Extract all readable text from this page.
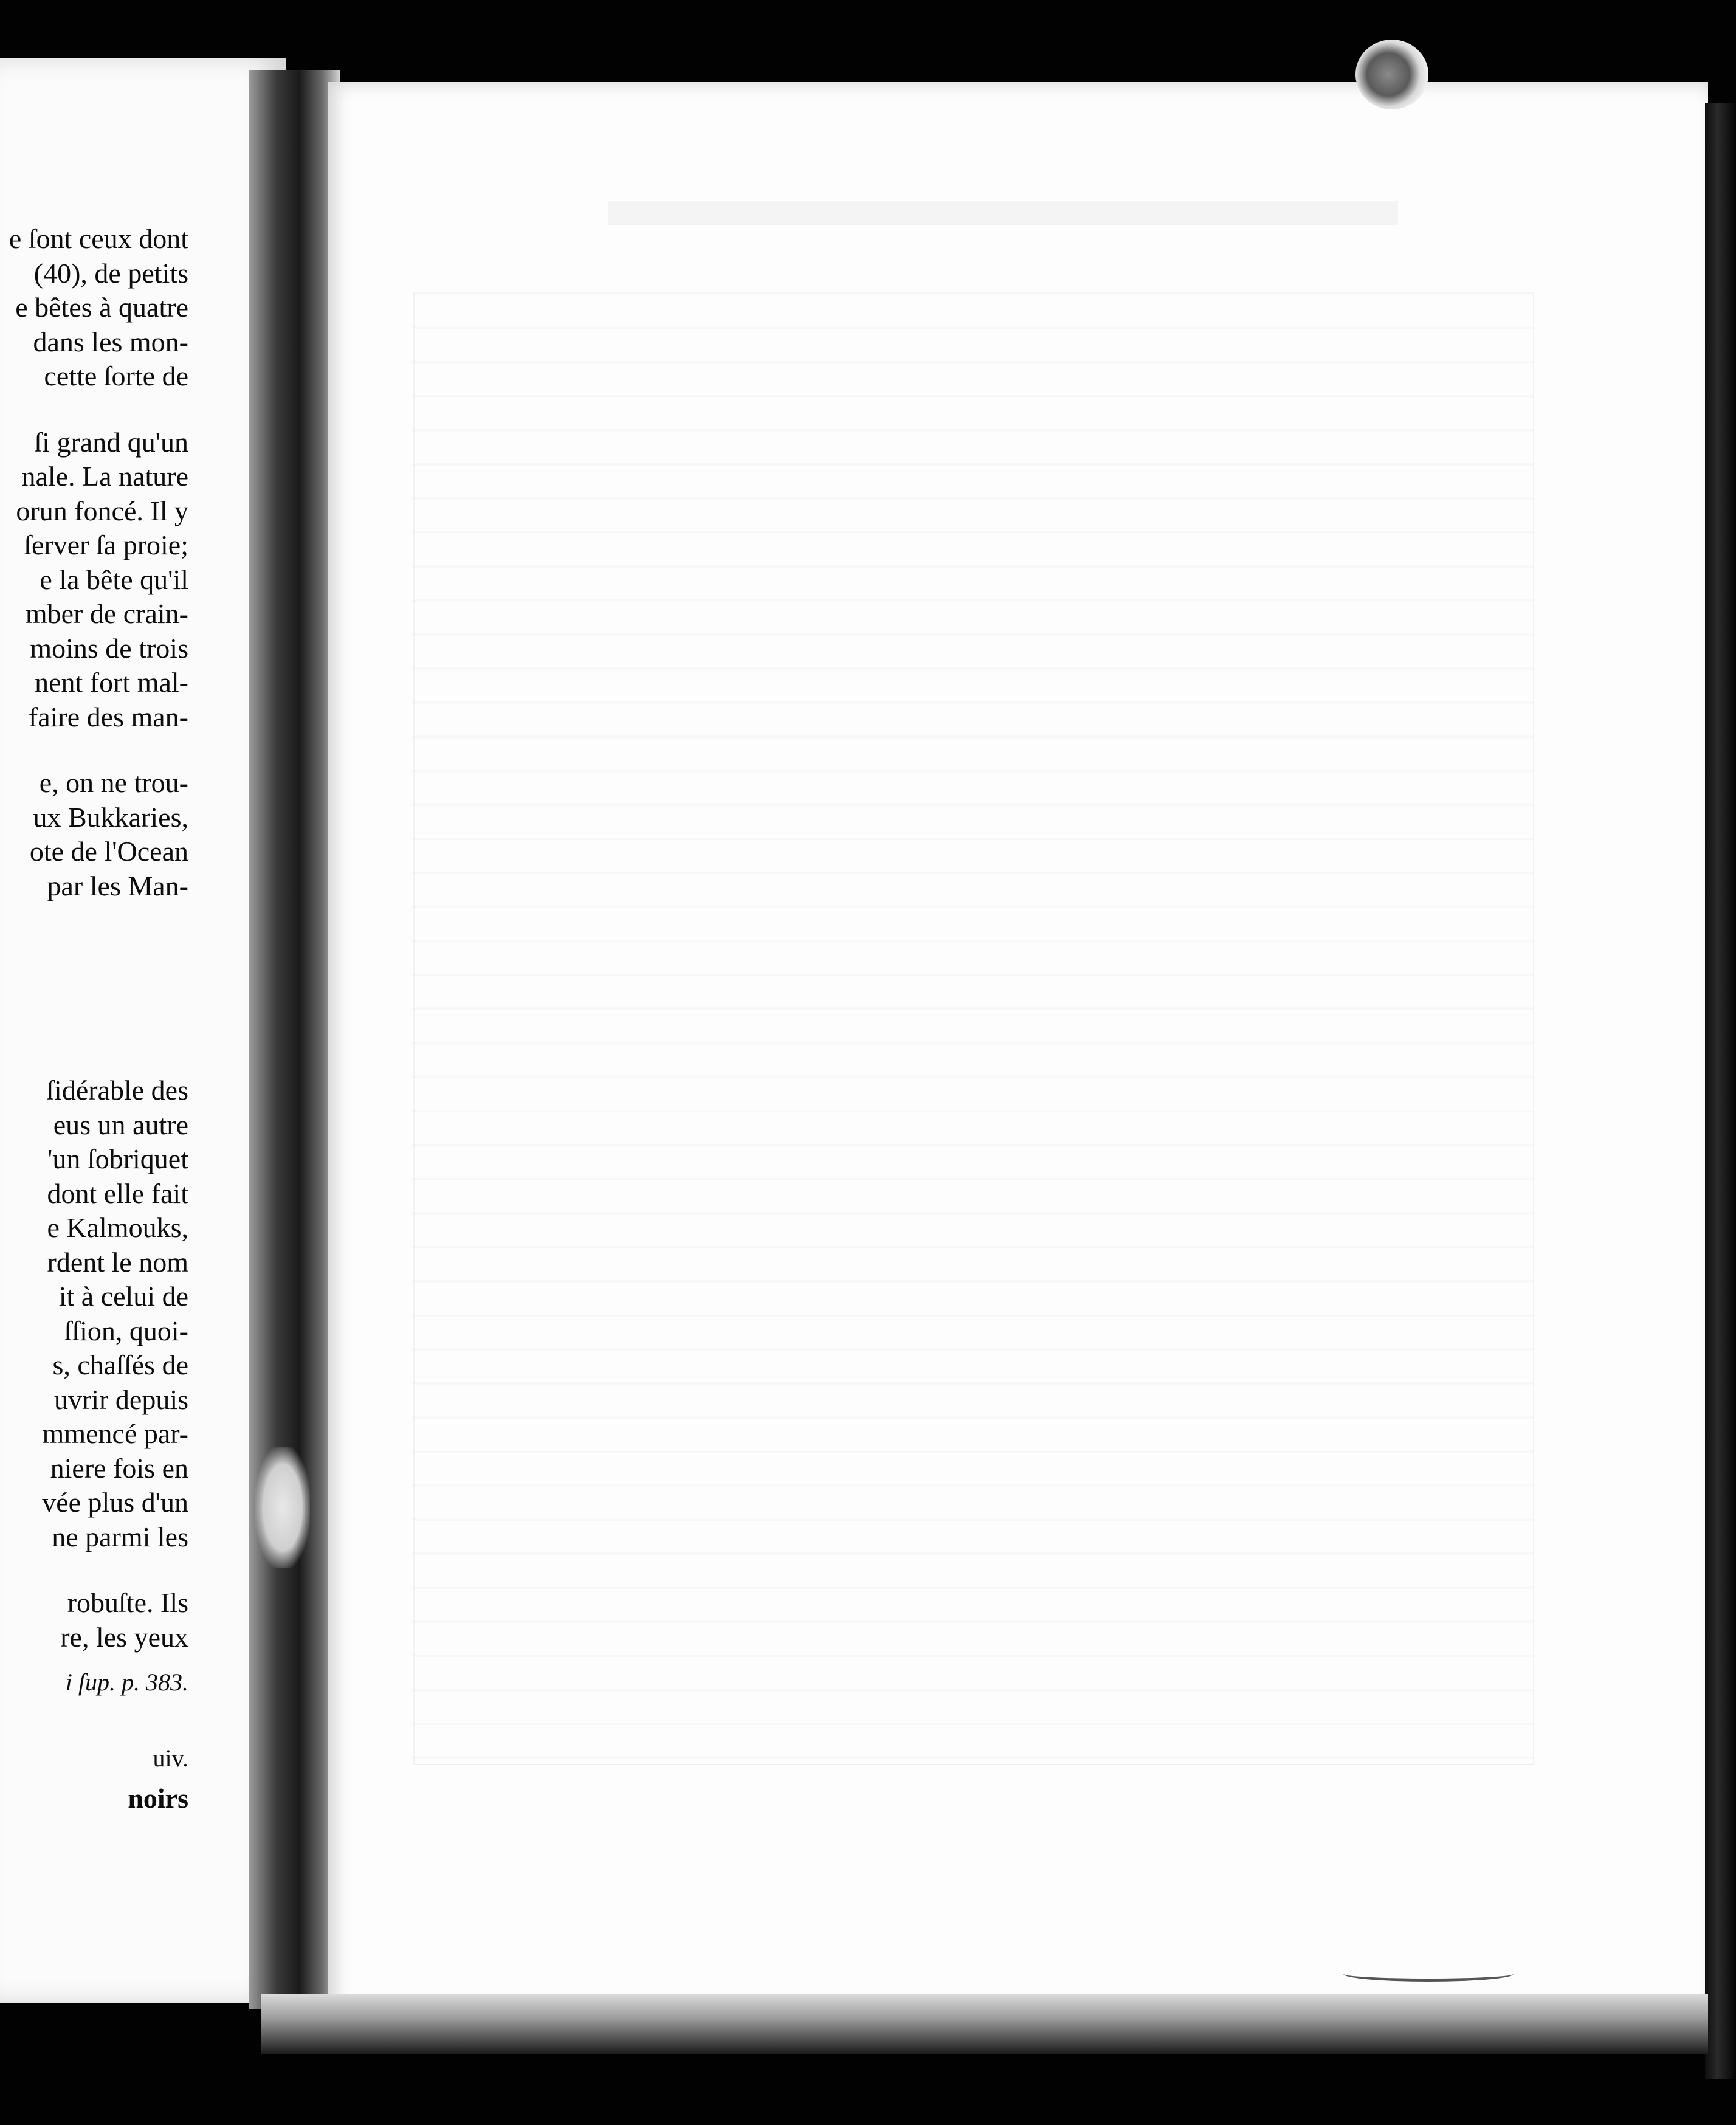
e ſont ceux dont
(40), de petits
e bêtes à quatre
dans les mon-
cette ſorte de
ſi grand qu'un
nale. La nature
orun foncé. Il y
ſerver ſa proie;
e la bête qu'il
mber de crain-
moins de trois
nent fort mal-
faire des man-
e, on ne trou-
ux Bukkaries,
ote de l'Ocean
par les Man-
ſidérable des
eus un autre
'un ſobriquet
dont elle fait
e Kalmouks,
rdent le nom
it à celui de
ſſion, quoi-
s, chaſſés de
uvrir depuis
mmencé par-
niere fois en
vée plus d'un
ne parmi les
robuſte. Ils
re, les yeux
i ſup. p. 383.
uiv.
noirs
